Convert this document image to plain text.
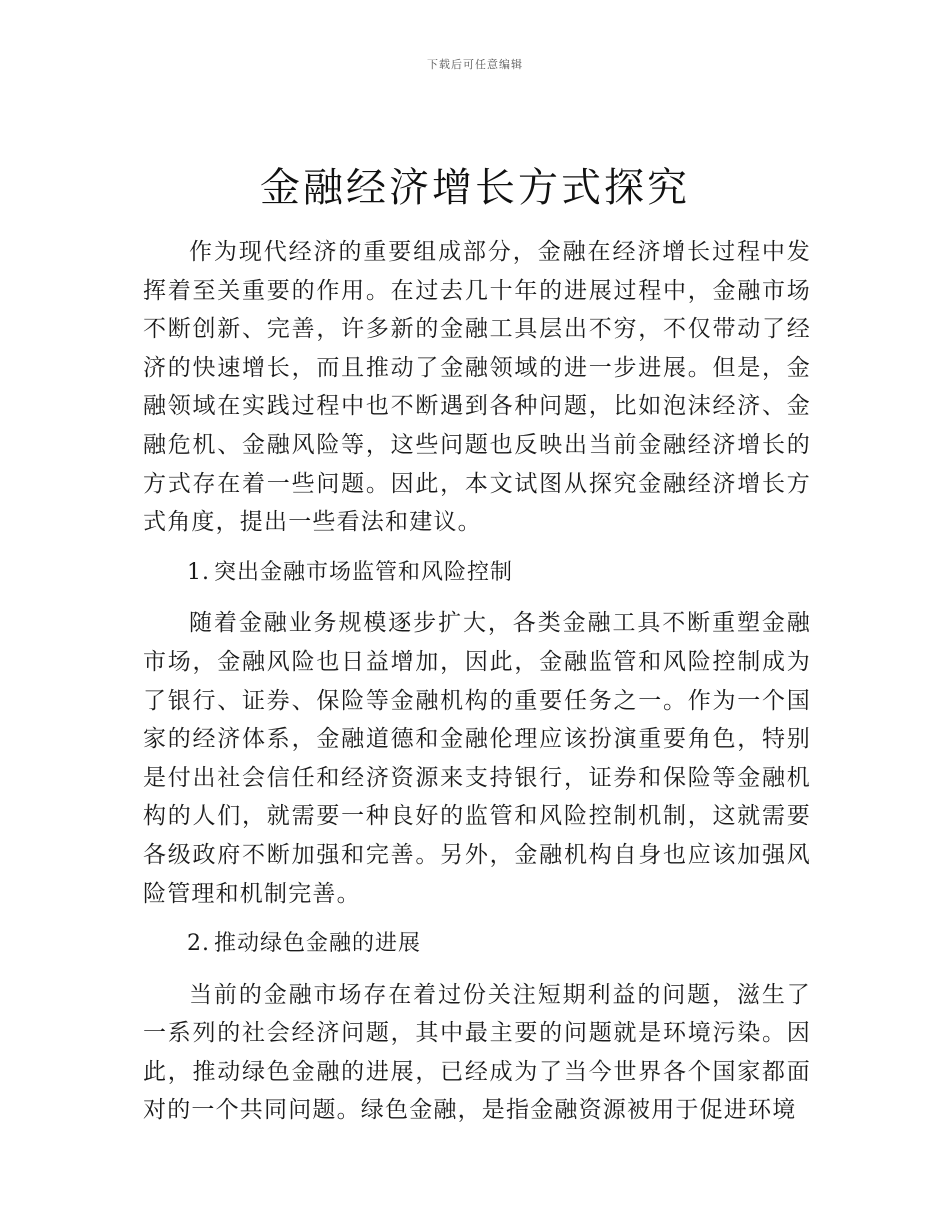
下载后可任意编辑
金融经济增长方式探究

作为现代经济的重要组成部分，金融在经济增长过程中发挥着至关重要的作用。在过去几十年的进展过程中，金融市场不断创新、完善，许多新的金融工具层出不穷，不仅带动了经济的快速增长，而且推动了金融领域的进一步进展。但是，金融领域在实践过程中也不断遇到各种问题，比如泡沫经济、金融危机、金融风险等，这些问题也反映出当前金融经济增长的方式存在着一些问题。因此，本文试图从探究金融经济增长方式角度，提出一些看法和建议。

1. 突出金融市场监管和风险控制

随着金融业务规模逐步扩大，各类金融工具不断重塑金融市场，金融风险也日益增加，因此，金融监管和风险控制成为了银行、证券、保险等金融机构的重要任务之一。作为一个国家的经济体系，金融道德和金融伦理应该扮演重要角色，特别是付出社会信任和经济资源来支持银行，证券和保险等金融机构的人们，就需要一种良好的监管和风险控制机制，这就需要各级政府不断加强和完善。另外，金融机构自身也应该加强风险管理和机制完善。

2. 推动绿色金融的进展

当前的金融市场存在着过份关注短期利益的问题，滋生了一系列的社会经济问题，其中最主要的问题就是环境污染。因此，推动绿色金融的进展，已经成为了当今世界各个国家都面对的一个共同问题。绿色金融，是指金融资源被用于促进环境
